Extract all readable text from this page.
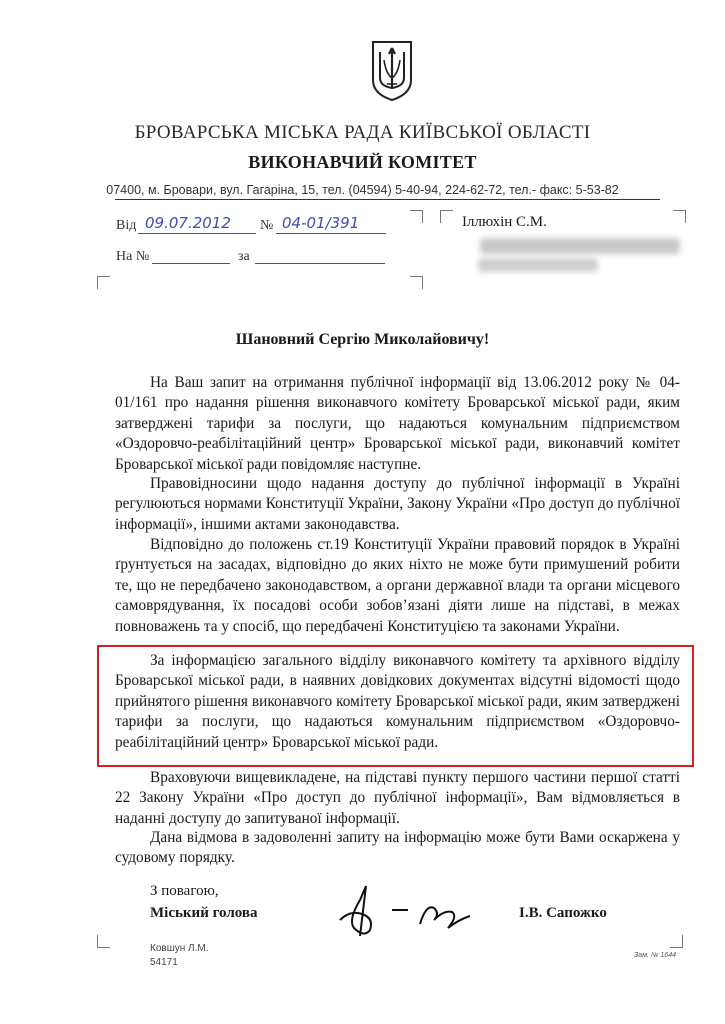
БРОВАРСЬКА МІСЬКА РАДА КИЇВСЬКОЇ ОБЛАСТІ
ВИКОНАВЧИЙ КОМІТЕТ
07400, м. Бровари, вул. Гагаріна, 15, тел. (04594) 5-40-94, 224-62-72, тел.- факс: 5-53-82
Від 09.07.2012 № 04-01/391
На №	за
Іллюхін С.М.
Шановний Сергію Миколайовичу!
На Ваш запит на отримання публічної інформації від 13.06.2012 року № 04-01/161 про надання рішення виконавчого комітету Броварської міської ради, яким затверджені тарифи за послуги, що надаються комунальним підприємством «Оздоровчо-реабілітаційний центр» Броварської міської ради, виконавчий комітет Броварської міської ради повідомляє наступне.
Правовідносини щодо надання доступу до публічної інформації в Україні регулюються нормами Конституції України, Закону України «Про доступ до публічної інформації», іншими актами законодавства.
Відповідно до положень ст.19 Конституції України правовий порядок в Україні ґрунтується на засадах, відповідно до яких ніхто не може бути примушений робити те, що не передбачено законодавством, а органи державної влади та органи місцевого самоврядування, їх посадові особи зобов’язані діяти лише на підставі, в межах повноважень та у спосіб, що передбачені Конституцією та законами України.
За інформацією загального відділу виконавчого комітету та архівного відділу Броварської міської ради, в наявних довідкових документах відсутні відомості щодо прийнятого рішення виконавчого комітету Броварської міської ради, яким затверджені тарифи за послуги, що надаються комунальним підприємством «Оздоровчо-реабілітаційний центр» Броварської міської ради.
Враховуючи вищевикладене, на підставі пункту першого частини першої статті 22 Закону України «Про доступ до публічної інформації», Вам відмовляється в наданні доступу до запитуваної інформації.
Дана відмова в задоволенні запиту на інформацію може бути Вами оскаржена у судовому порядку.
З повагою,
Міський голова	І.В. Сапожко
Ковшун Л.М.
54171
Зам. № 1644
